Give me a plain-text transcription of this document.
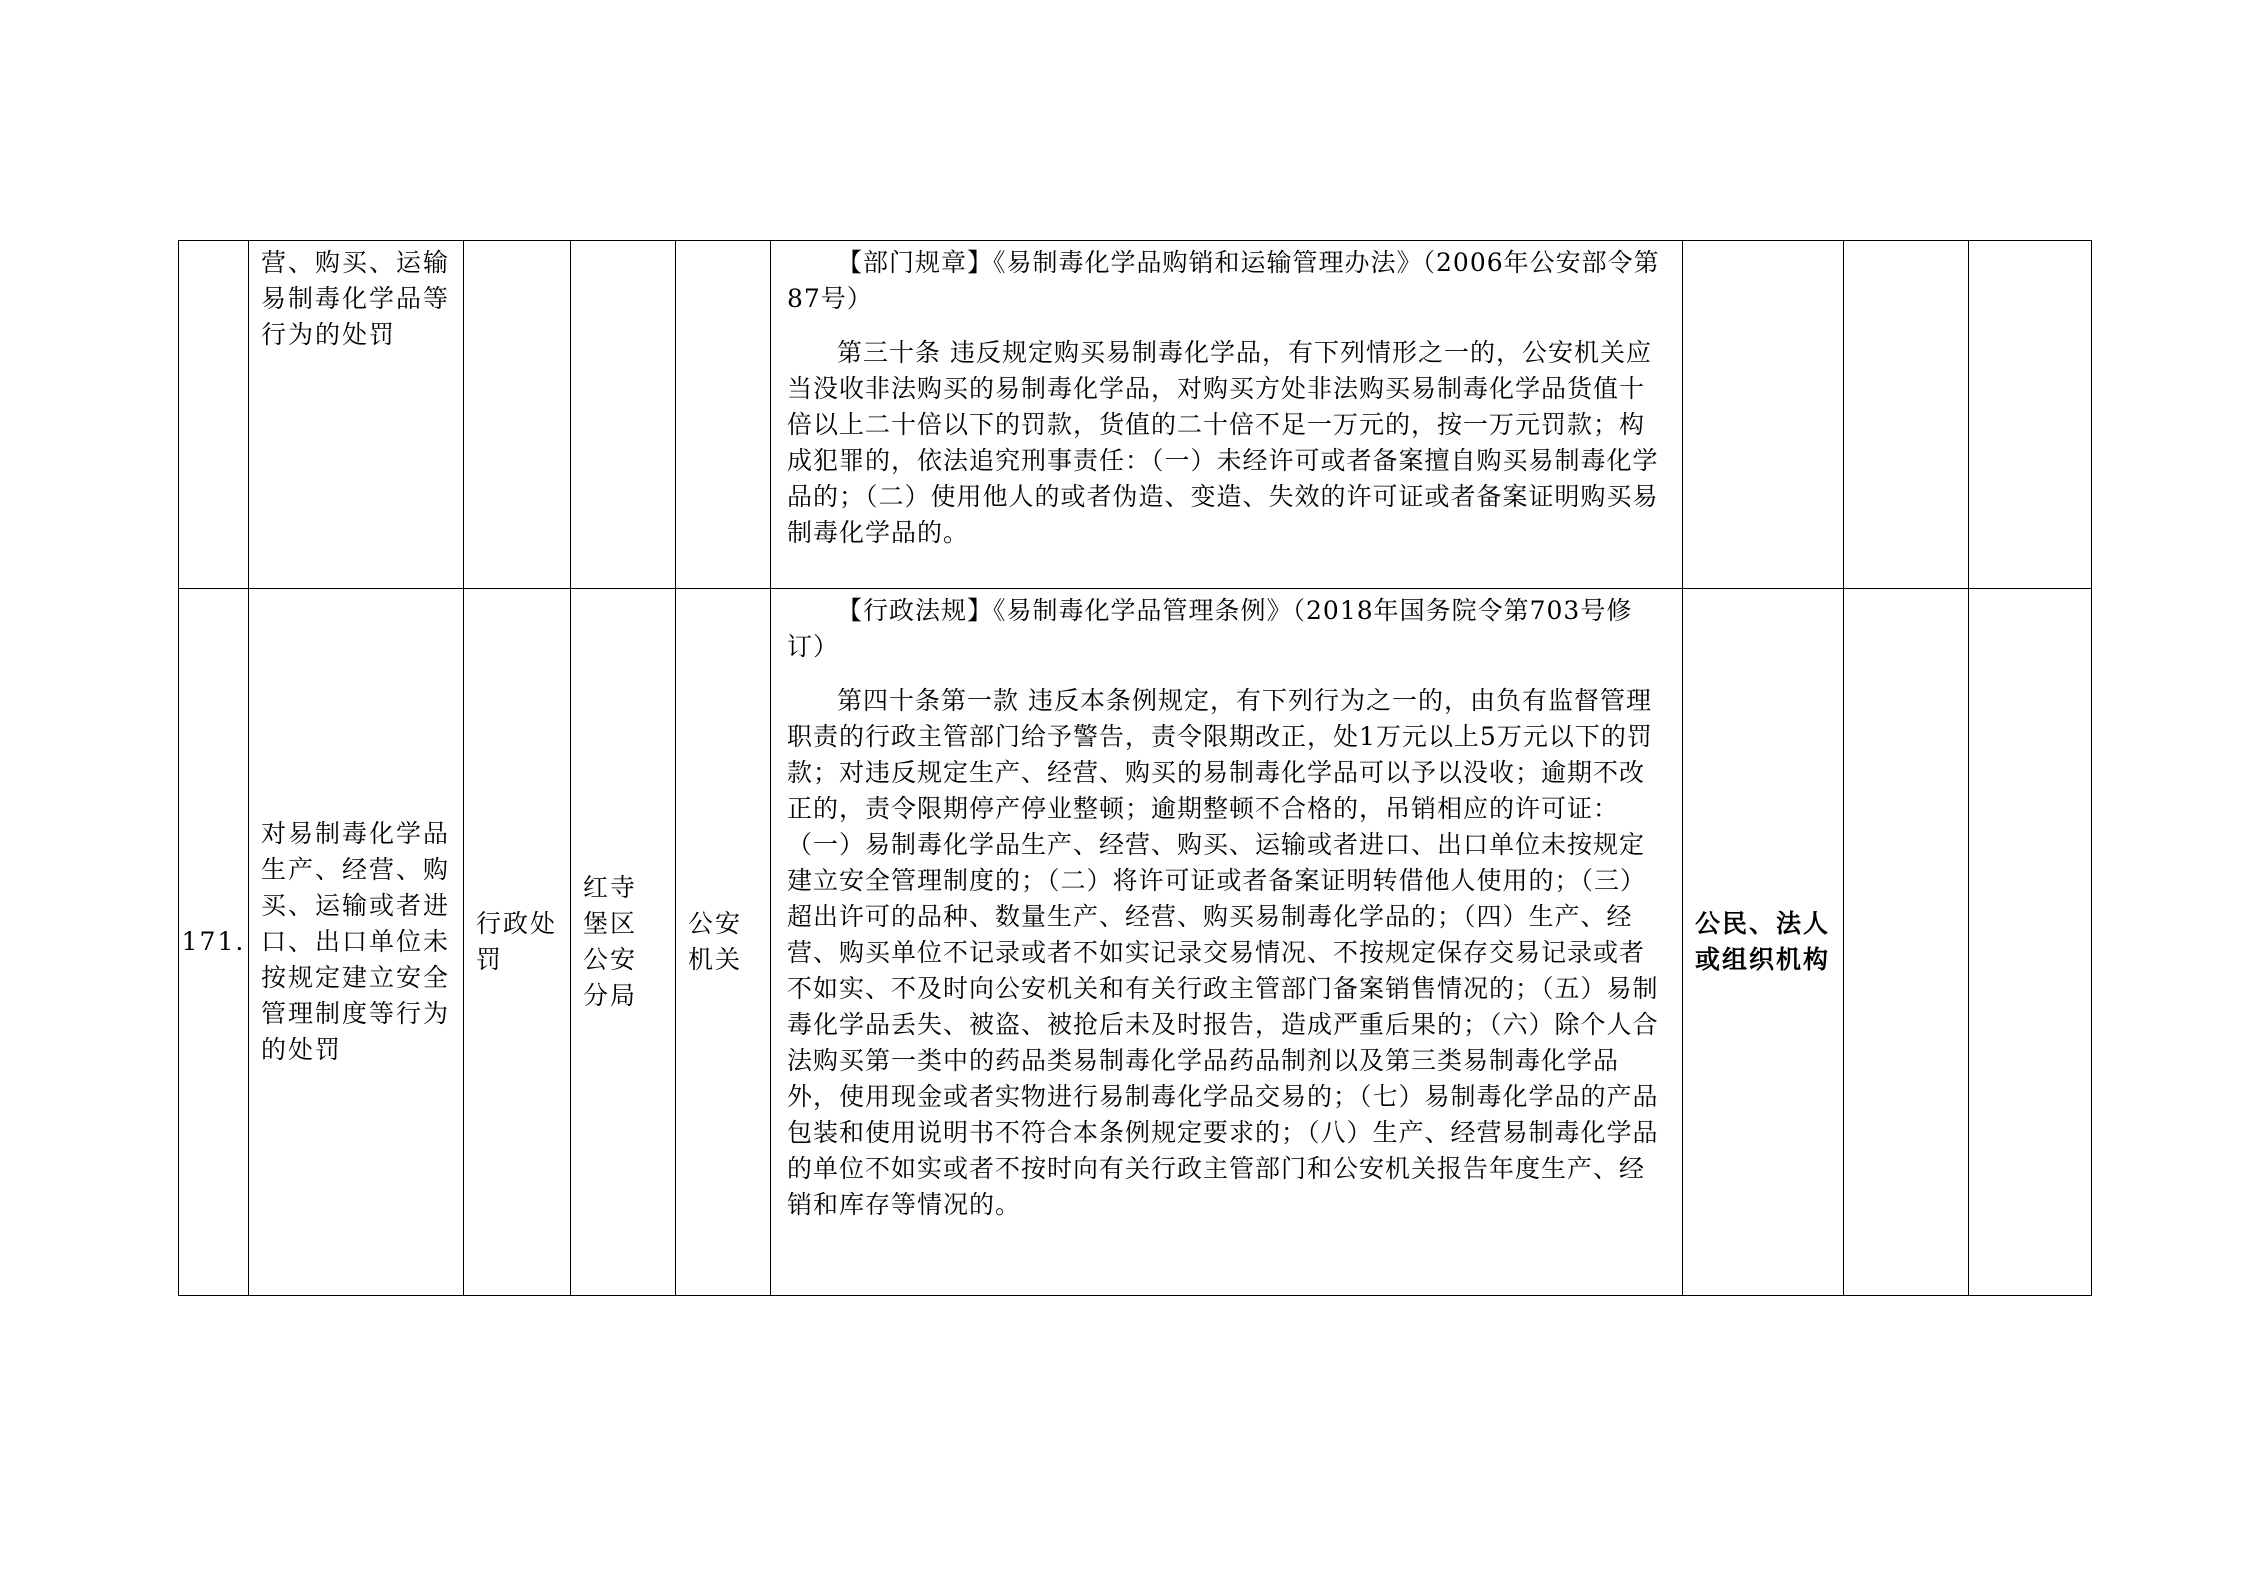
	营、购买、运输易制毒化学品等行为的处罚				【部门规章】《易制毒化学品购销和运输管理办法》（2006年公安部令第87号）

第三十条 违反规定购买易制毒化学品，有下列情形之一的，公安机关应当没收非法购买的易制毒化学品，对购买方处非法购买易制毒化学品货值十倍以上二十倍以下的罚款，货值的二十倍不足一万元的，按一万元罚款；构成犯罪的，依法追究刑事责任：（一）未经许可或者备案擅自购买易制毒化学品的；（二）使用他人的或者伪造、变造、失效的许可证或者备案证明购买易制毒化学品的。			

171.	对易制毒化学品生产、经营、购买、运输或者进口、出口单位未按规定建立安全管理制度等行为的处罚	行政处罚	红寺堡区公安分局	公安机关	【行政法规】《易制毒化学品管理条例》（2018年国务院令第703号修订）

第四十条第一款 违反本条例规定，有下列行为之一的，由负有监督管理职责的行政主管部门给予警告，责令限期改正，处1万元以上5万元以下的罚款；对违反规定生产、经营、购买的易制毒化学品可以予以没收；逾期不改正的，责令限期停产停业整顿；逾期整顿不合格的，吊销相应的许可证：（一）易制毒化学品生产、经营、购买、运输或者进口、出口单位未按规定建立安全管理制度的；（二）将许可证或者备案证明转借他人使用的；（三）超出许可的品种、数量生产、经营、购买易制毒化学品的；（四）生产、经营、购买单位不记录或者不如实记录交易情况、不按规定保存交易记录或者不如实、不及时向公安机关和有关行政主管部门备案销售情况的；（五）易制毒化学品丢失、被盗、被抢后未及时报告，造成严重后果的；（六）除个人合法购买第一类中的药品类易制毒化学品药品制剂以及第三类易制毒化学品外，使用现金或者实物进行易制毒化学品交易的；（七）易制毒化学品的产品包装和使用说明书不符合本条例规定要求的；（八）生产、经营易制毒化学品的单位不如实或者不按时向有关行政主管部门和公安机关报告年度生产、经销和库存等情况的。	公民、法人或组织机构		
